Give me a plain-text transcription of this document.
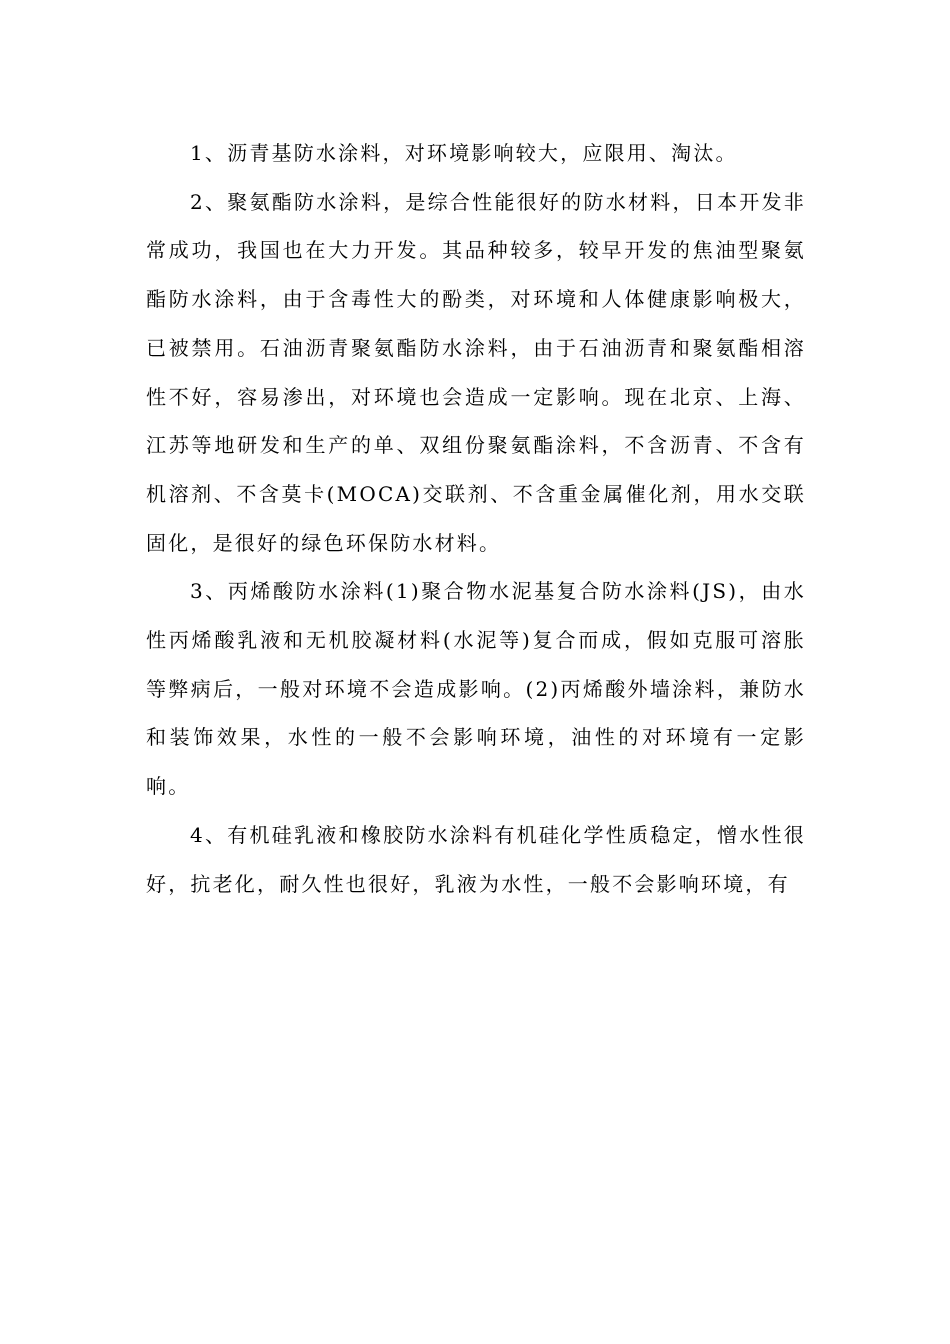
1、沥青基防水涂料，对环境影响较大，应限用、淘汰。

2、聚氨酯防水涂料，是综合性能很好的防水材料，日本开发非常成功，我国也在大力开发。其品种较多，较早开发的焦油型聚氨酯防水涂料，由于含毒性大的酚类，对环境和人体健康影响极大，已被禁用。石油沥青聚氨酯防水涂料，由于石油沥青和聚氨酯相溶性不好，容易渗出，对环境也会造成一定影响。现在北京、上海、江苏等地研发和生产的单、双组份聚氨酯涂料，不含沥青、不含有机溶剂、不含莫卡(MOCA)交联剂、不含重金属催化剂，用水交联固化，是很好的绿色环保防水材料。

3、丙烯酸防水涂料(1)聚合物水泥基复合防水涂料(JS)，由水性丙烯酸乳液和无机胶凝材料(水泥等)复合而成，假如克服可溶胀等弊病后，一般对环境不会造成影响。(2)丙烯酸外墙涂料，兼防水和装饰效果，水性的一般不会影响环境，油性的对环境有一定影响。

4、有机硅乳液和橡胶防水涂料有机硅化学性质稳定，憎水性很好，抗老化，耐久性也很好，乳液为水性，一般不会影响环境，有
